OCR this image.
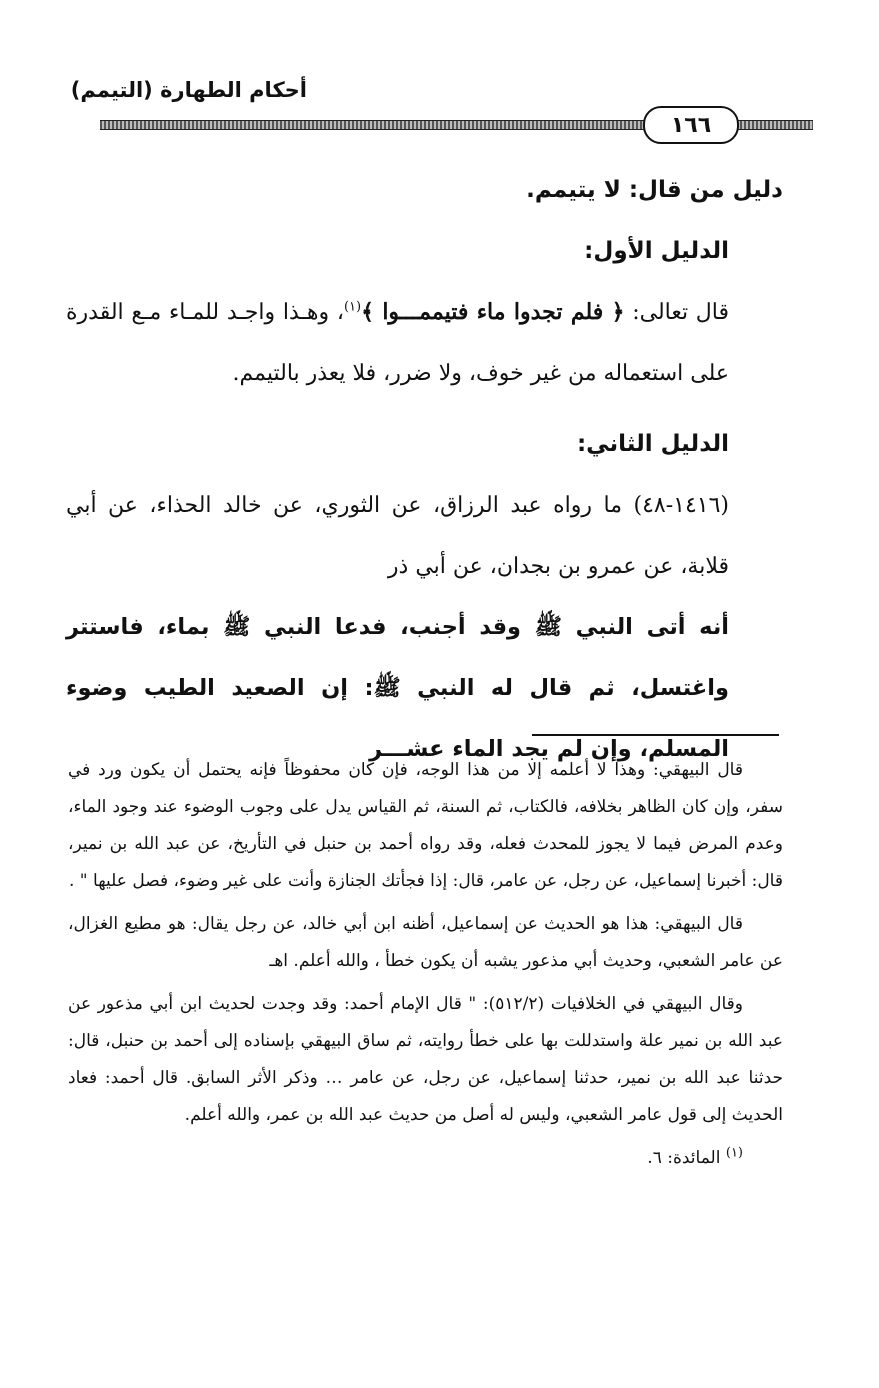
أحكام الطهارة (التيمم)
١٦٦

دليل من قال: لا يتيمم.

الدليل الأول:

قال تعالى: ﴿ فلم تجدوا ماء فتيممـــوا ﴾$^{(١)}$، وهـذا واجـد للمـاء مـع القدرة على استعماله من غير خوف، ولا ضرر، فلا يعذر بالتيمم.

الدليل الثاني:

(١٤١٦-٤٨) ما رواه عبد الرزاق، عن الثوري، عن خالد الحذاء، عن أبي قلابة، عن عمرو بن بجدان، عن أبي ذر

أنه أتى النبي ﷺ وقد أجنب، فدعا النبي ﷺ بماء، فاستتر واغتسل، ثم قال له النبي ﷺ: إن الصعيد الطيب وضوء المسلم، وإن لم يجد الماء عشـــر

قال البيهقي: وهذا لا أعلمه إلا من هذا الوجه، فإن كان محفوظاً فإنه يحتمل أن يكون ورد في سفر، وإن كان الظاهر بخلافه، فالكتاب، ثم السنة، ثم القياس يدل على وجوب الوضوء عند وجود الماء، وعدم المرض فيما لا يجوز للمحدث فعله، وقد رواه أحمد بن حنبل في التأريخ، عن عبد الله بن نمير، قال: أخبرنا إسماعيل، عن رجل، عن عامر، قال: إذا فجأتك الجنازة وأنت على غير وضوء، فصل عليها " .

قال البيهقي: هذا هو الحديث عن إسماعيل، أظنه ابن أبي خالد، عن رجل يقال: هو مطيع الغزال، عن عامر الشعبي، وحديث أبي مذعور يشبه أن يكون خطأ ، والله أعلم. اهـ

وقال البيهقي في الخلافيات (٥١٢/٢): " قال الإمام أحمد: وقد وجدت لحديث ابن أبي مذعور عن عبد الله بن نمير علة واستدللت بها على خطأ روايته، ثم ساق البيهقي بإسناده إلى أحمد بن حنبل، قال: حدثنا عبد الله بن نمير، حدثنا إسماعيل، عن رجل، عن عامر … وذكر الأثر السابق. قال أحمد: فعاد الحديث إلى قول عامر الشعبي، وليس له أصل من حديث عبد الله بن عمر، والله أعلم.

$^{(١)}$ المائدة: ٦.
